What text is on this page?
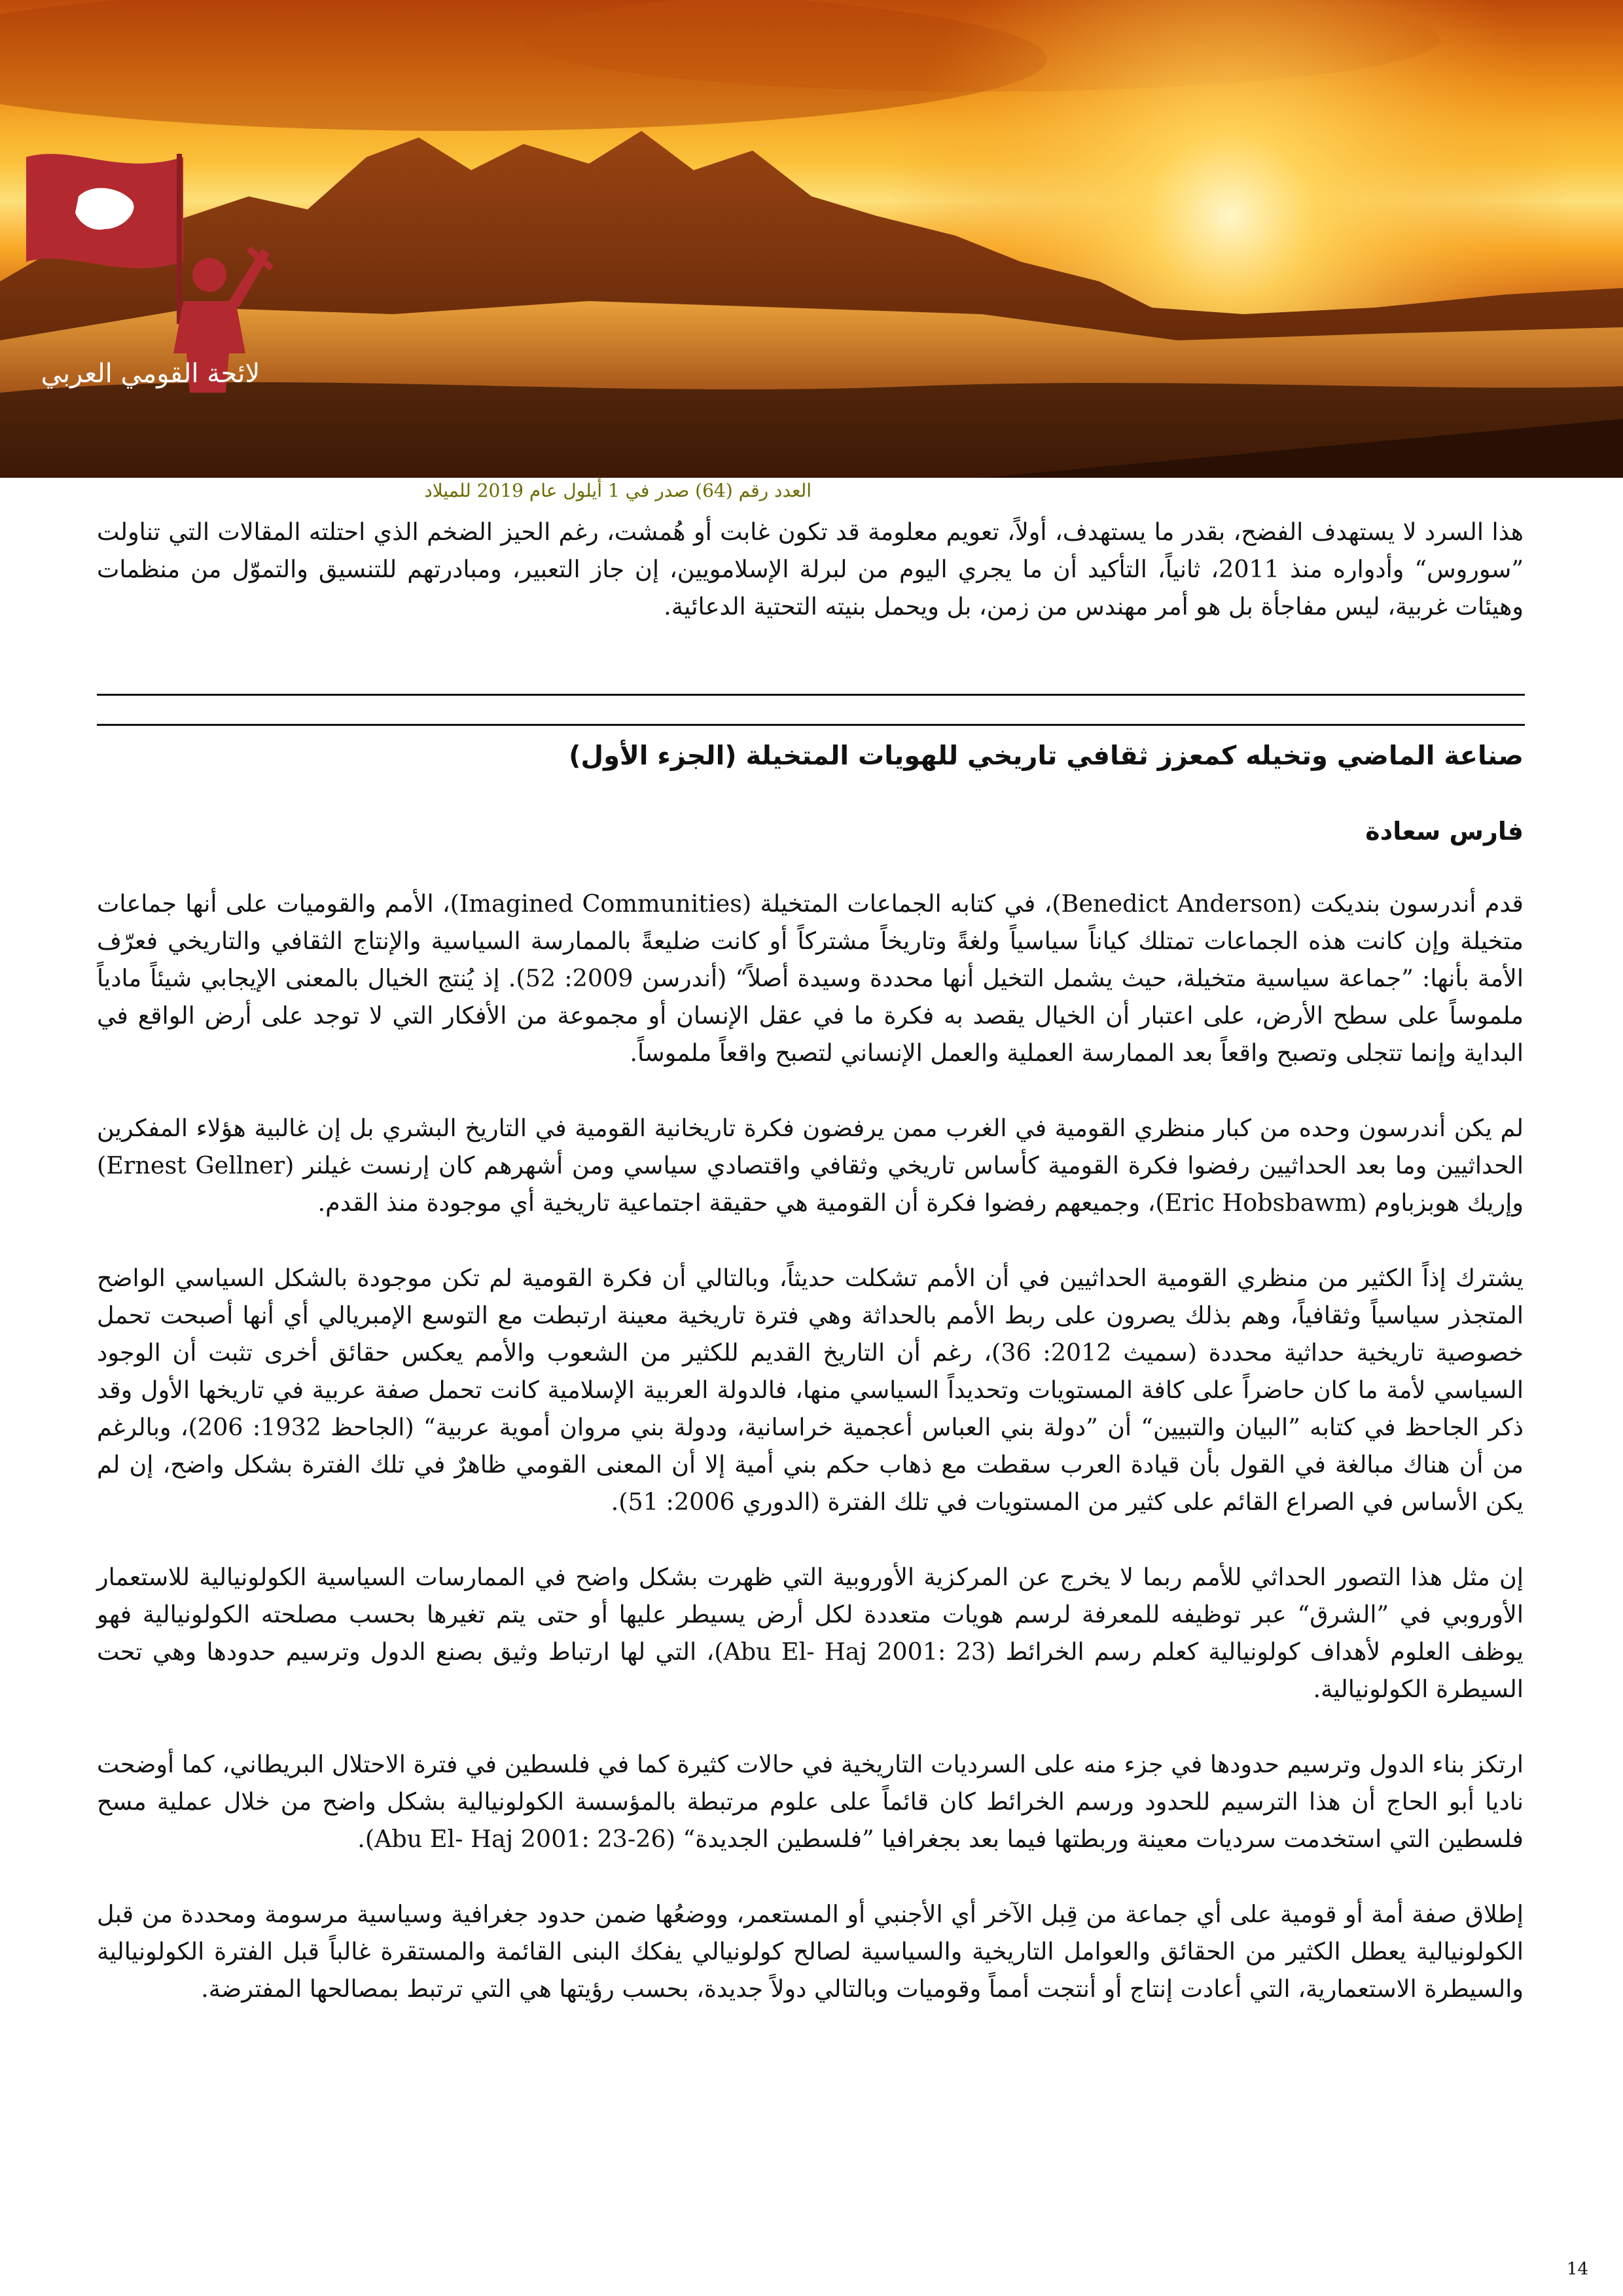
لائحة القومي العربي
العدد رقم (64) صدر في 1 أيلول عام 2019 للميلاد
هذا السرد لا يستهدف الفضح، بقدر ما يستهدف، أولاً، تعويم معلومة قد تكون غابت أو هُمشت، رغم الحيز الضخم الذي احتلته المقالات التي تناولت ”سوروس“ وأدواره منذ 2011، ثانياً، التأكيد أن ما يجري اليوم من لبرلة الإسلامويين، إن جاز التعبير، ومبادرتهم للتنسيق والتموّل من منظمات وهيئات غربية، ليس مفاجأة بل هو أمر مهندس من زمن، بل ويحمل بنيته التحتية الدعائية.
صناعة الماضي وتخيله كمعزز ثقافي تاريخي للهويات المتخيلة (الجزء الأول)
فارس سعادة

قدم أندرسون بنديكت (Benedict Anderson)، في كتابه الجماعات المتخيلة (Imagined Communities)، الأمم والقوميات على أنها جماعات متخيلة وإن كانت هذه الجماعات تمتلك كياناً سياسياً ولغةً وتاريخاً مشتركاً أو كانت ضليعةً بالممارسة السياسية والإنتاج الثقافي والتاريخي فعرّف الأمة بأنها: ”جماعة سياسية متخيلة، حيث يشمل التخيل أنها محددة وسيدة أصلاً“ (أندرسن 2009: 52). إذ يُنتج الخيال بالمعنى الإيجابي شيئاً مادياً ملموساً على سطح الأرض، على اعتبار أن الخيال يقصد به فكرة ما في عقل الإنسان أو مجموعة من الأفكار التي لا توجد على أرض الواقع في البداية وإنما تتجلى وتصبح واقعاً بعد الممارسة العملية والعمل الإنساني لتصبح واقعاً ملموساً.

لم يكن أندرسون وحده من كبار منظري القومية في الغرب ممن يرفضون فكرة تاريخانية القومية في التاريخ البشري بل إن غالبية هؤلاء المفكرين الحداثيين وما بعد الحداثيين رفضوا فكرة القومية كأساس تاريخي وثقافي واقتصادي سياسي ومن أشهرهم كان إرنست غيلنر (Ernest Gellner) وإريك هوبزباوم (Eric Hobsbawm)، وجميعهم رفضوا فكرة أن القومية هي حقيقة اجتماعية تاريخية أي موجودة منذ القدم.

يشترك إذاً الكثير من منظري القومية الحداثيين في أن الأمم تشكلت حديثاً، وبالتالي أن فكرة القومية لم تكن موجودة بالشكل السياسي الواضح المتجذر سياسياً وثقافياً، وهم بذلك يصرون على ربط الأمم بالحداثة وهي فترة تاريخية معينة ارتبطت مع التوسع الإمبريالي أي أنها أصبحت تحمل خصوصية تاريخية حداثية محددة (سميث 2012: 36)، رغم أن التاريخ القديم للكثير من الشعوب والأمم يعكس حقائق أخرى تثبت أن الوجود السياسي لأمة ما كان حاضراً على كافة المستويات وتحديداً السياسي منها، فالدولة العربية الإسلامية كانت تحمل صفة عربية في تاريخها الأول وقد ذكر الجاحظ في كتابه ”البيان والتبيين“ أن ”دولة بني العباس أعجمية خراسانية، ودولة بني مروان أموية عربية“ (الجاحظ 1932: 206)، وبالرغم من أن هناك مبالغة في القول بأن قيادة العرب سقطت مع ذهاب حكم بني أمية إلا أن المعنى القومي ظاهرٌ في تلك الفترة بشكل واضح، إن لم يكن الأساس في الصراع القائم على كثير من المستويات في تلك الفترة (الدوري 2006: 51).

إن مثل هذا التصور الحداثي للأمم ربما لا يخرج عن المركزية الأوروبية التي ظهرت بشكل واضح في الممارسات السياسية الكولونيالية للاستعمار الأوروبي في ”الشرق“ عبر توظيفه للمعرفة لرسم هويات متعددة لكل أرض يسيطر عليها أو حتى يتم تغيرها بحسب مصلحته الكولونيالية فهو يوظف العلوم لأهداف كولونيالية كعلم رسم الخرائط (Abu El- Haj 2001: 23)، التي لها ارتباط وثيق بصنع الدول وترسيم حدودها وهي تحت السيطرة الكولونيالية.

ارتكز بناء الدول وترسيم حدودها في جزء منه على السرديات التاريخية في حالات كثيرة كما في فلسطين في فترة الاحتلال البريطاني، كما أوضحت ناديا أبو الحاج أن هذا الترسيم للحدود ورسم الخرائط كان قائماً على علوم مرتبطة بالمؤسسة الكولونيالية بشكل واضح من خلال عملية مسح فلسطين التي استخدمت سرديات معينة وربطتها فيما بعد بجغرافيا ”فلسطين الجديدة“ (Abu El- Haj 2001: 23-26).

إطلاق صفة أمة أو قومية على أي جماعة من قِبل الآخر أي الأجنبي أو المستعمر، ووضعُها ضمن حدود جغرافية وسياسية مرسومة ومحددة من قبل الكولونيالية يعطل الكثير من الحقائق والعوامل التاريخية والسياسية لصالح كولونيالي يفكك البنى القائمة والمستقرة غالباً قبل الفترة الكولونيالية والسيطرة الاستعمارية، التي أعادت إنتاج أو أنتجت أمماً وقوميات وبالتالي دولاً جديدة، بحسب رؤيتها هي التي ترتبط بمصالحها المفترضة.

14
